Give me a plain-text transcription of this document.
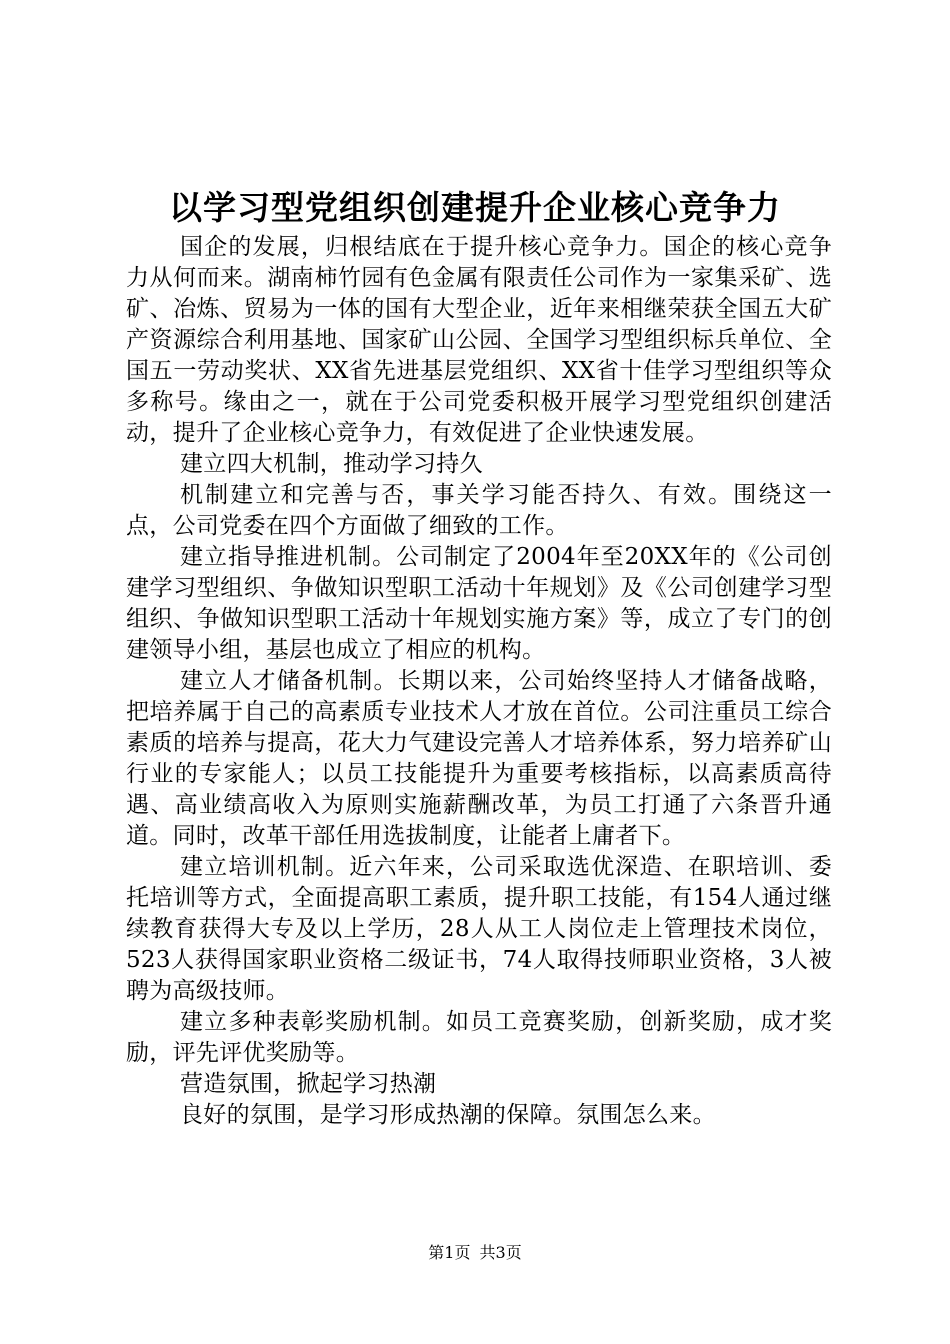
以学习型党组织创建提升企业核心竞争力

国企的发展，归根结底在于提升核心竞争力。国企的核心竞争力从何而来。湖南柿竹园有色金属有限责任公司作为一家集采矿、选矿、冶炼、贸易为一体的国有大型企业，近年来相继荣获全国五大矿产资源综合利用基地、国家矿山公园、全国学习型组织标兵单位、全国五一劳动奖状、XX省先进基层党组织、XX省十佳学习型组织等众多称号。缘由之一，就在于公司党委积极开展学习型党组织创建活动，提升了企业核心竞争力，有效促进了企业快速发展。

建立四大机制，推动学习持久

机制建立和完善与否，事关学习能否持久、有效。围绕这一点，公司党委在四个方面做了细致的工作。

建立指导推进机制。公司制定了2004年至20XX年的《公司创建学习型组织、争做知识型职工活动十年规划》及《公司创建学习型组织、争做知识型职工活动十年规划实施方案》等，成立了专门的创建领导小组，基层也成立了相应的机构。

建立人才储备机制。长期以来，公司始终坚持人才储备战略，把培养属于自己的高素质专业技术人才放在首位。公司注重员工综合素质的培养与提高，花大力气建设完善人才培养体系，努力培养矿山行业的专家能人；以员工技能提升为重要考核指标，以高素质高待遇、高业绩高收入为原则实施薪酬改革，为员工打通了六条晋升通道。同时，改革干部任用选拔制度，让能者上庸者下。

建立培训机制。近六年来，公司采取选优深造、在职培训、委托培训等方式，全面提高职工素质，提升职工技能，有154人通过继续教育获得大专及以上学历，28人从工人岗位走上管理技术岗位，523人获得国家职业资格二级证书，74人取得技师职业资格，3人被聘为高级技师。

建立多种表彰奖励机制。如员工竞赛奖励，创新奖励，成才奖励，评先评优奖励等。

营造氛围，掀起学习热潮

良好的氛围，是学习形成热潮的保障。氛围怎么来。

第1页 共3页
